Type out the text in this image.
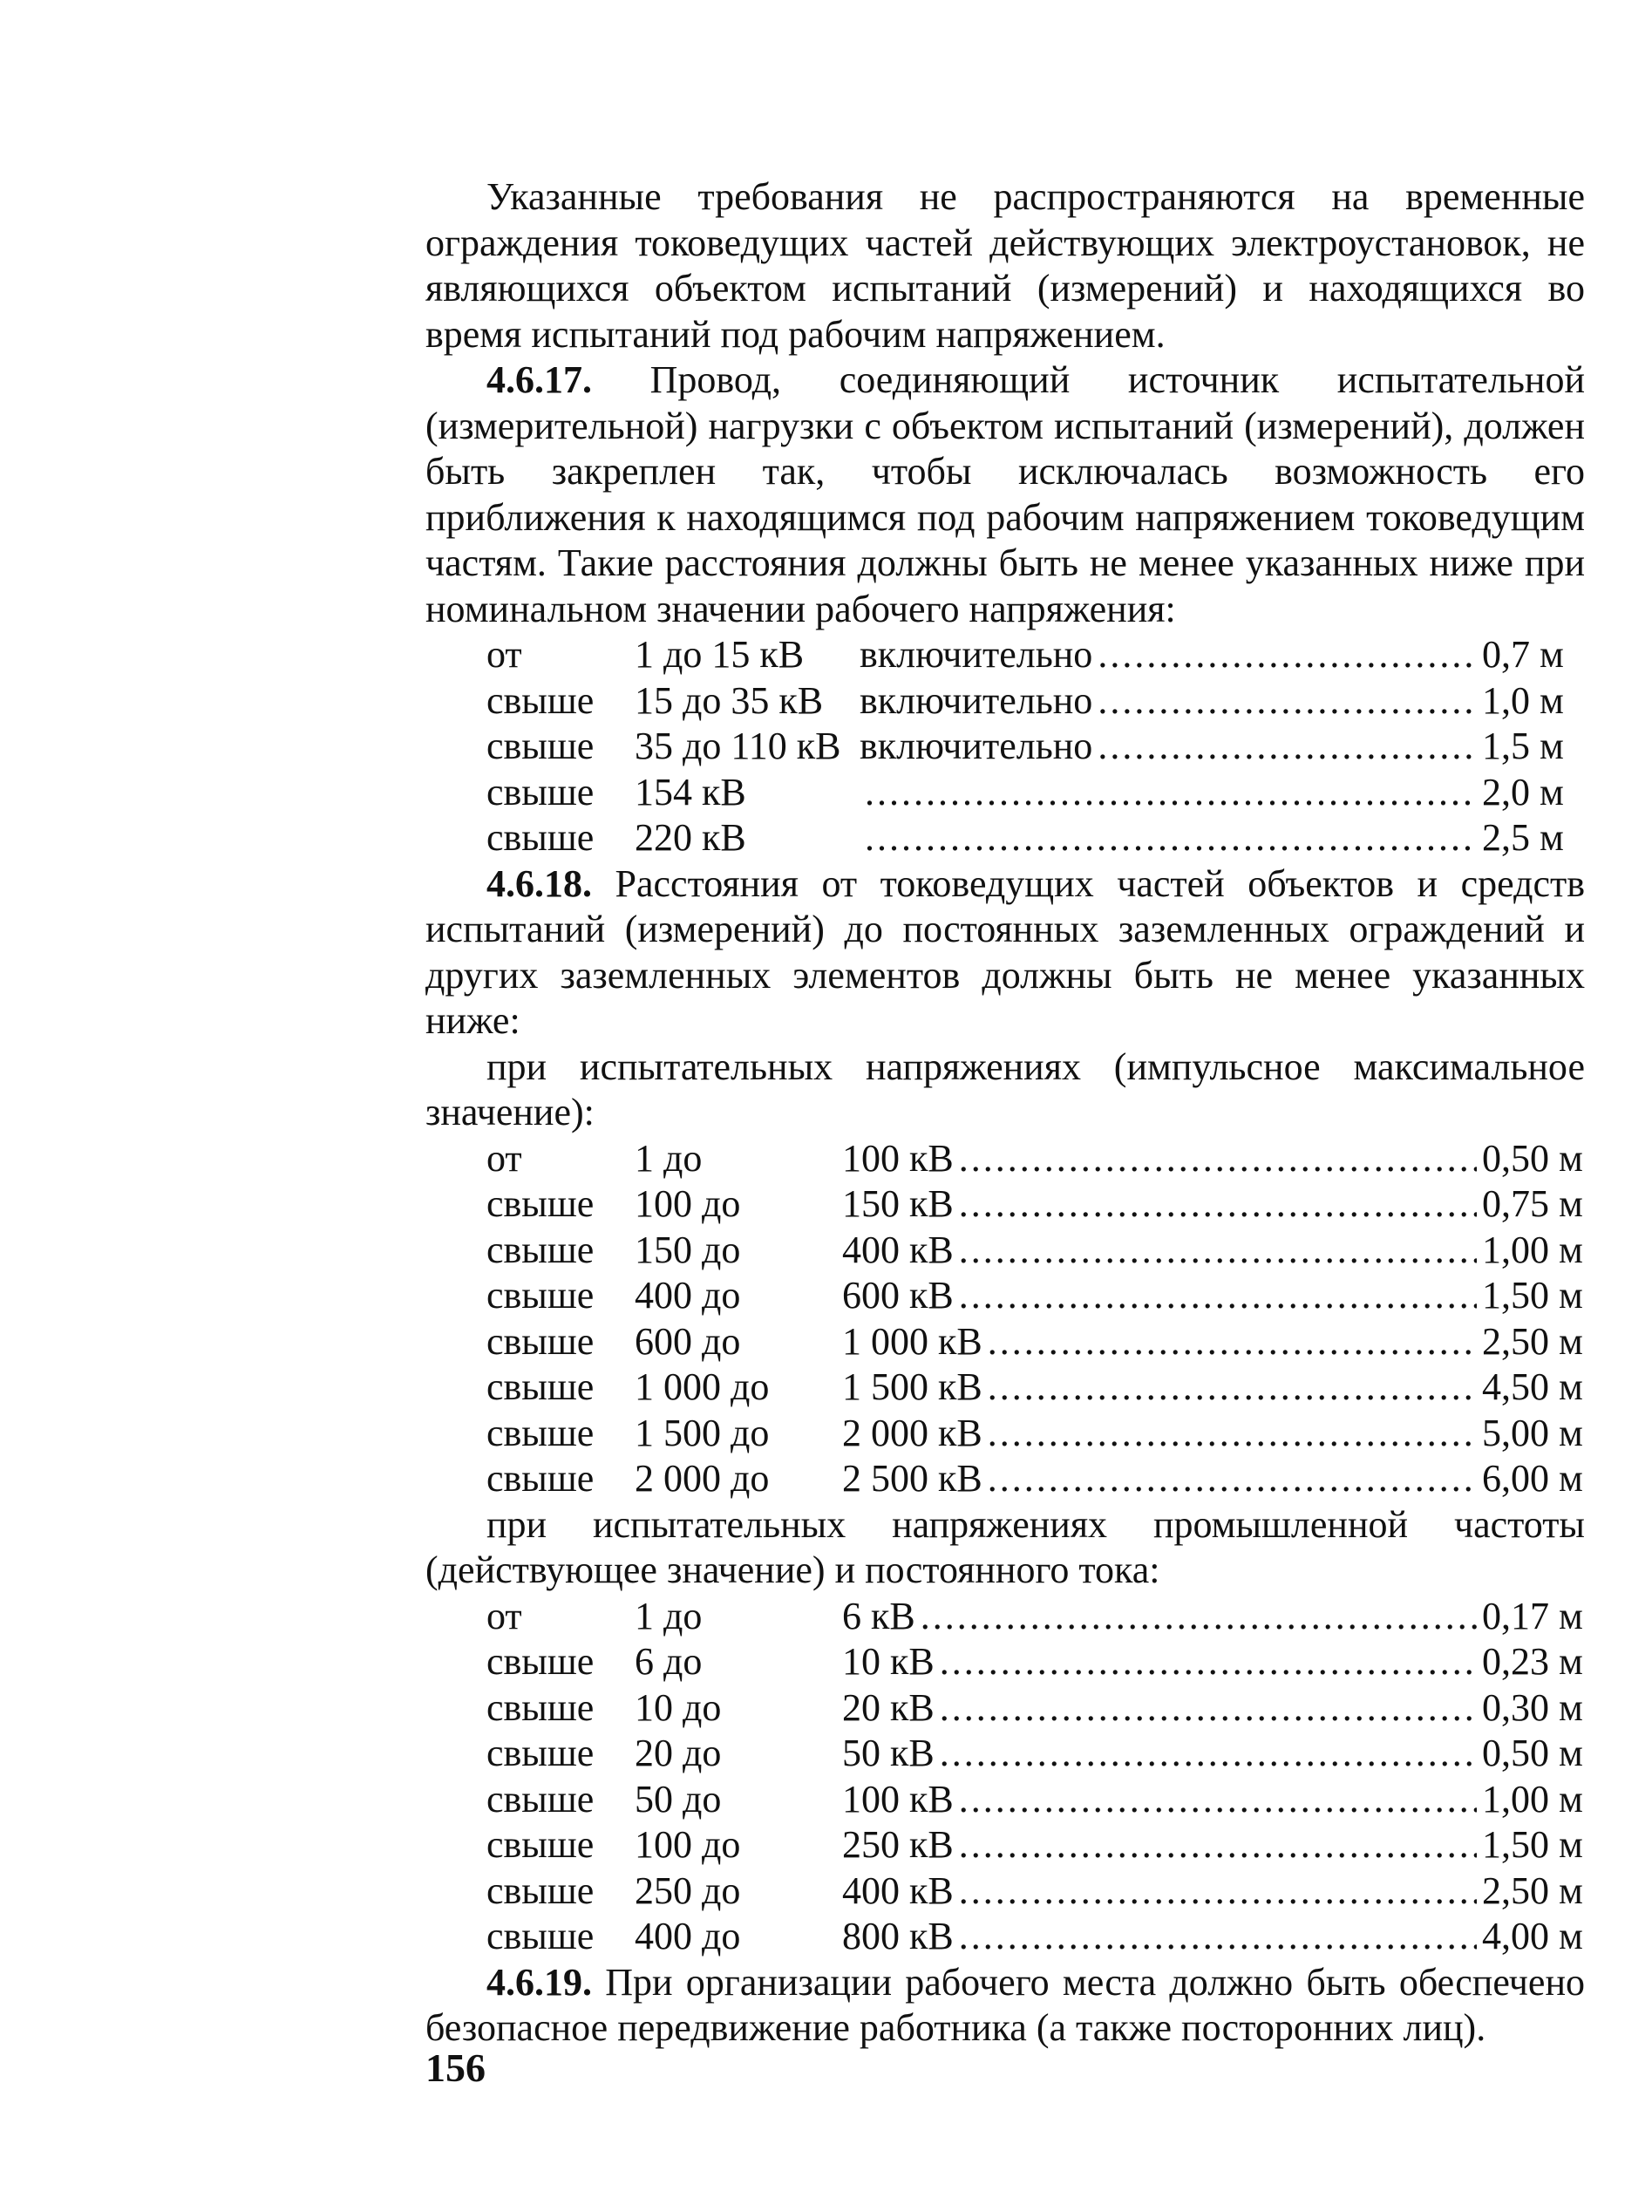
Указанные требования не распространяются на временные ограждения токоведущих частей действующих электроустановок, не являющихся объектом испытаний (измерений) и находящихся во время испытаний под рабочим напряжением.

4.6.17. Провод, соединяющий источник испытательной (измерительной) нагрузки с объектом испытаний (измерений), должен быть закреплен так, чтобы исключалась возможность его приближения к находящимся под рабочим напряжением токоведущим частям. Такие расстояния должны быть не менее указанных ниже при номинальном значении рабочего напряжения:

от	1 до 15 кВ	включительно .....	0,7 м
свыше	15 до 35 кВ включительно .....	1,0 м
свыше	35 до 110 кВ включительно .....	1,5 м
свыше	154 кВ .....	2,0 м
свыше	220 кВ .....	2,5 м

4.6.18. Расстояния от токоведущих частей объектов и средств испытаний (измерений) до постоянных заземленных ограждений и других заземленных элементов должны быть не менее указанных ниже:

при испытательных напряжениях (импульсное максимальное значение):

от	1 до	100 кВ .....	0,50 м
свыше	100 до	150 кВ .....	0,75 м
свыше	150 до	400 кВ .....	1,00 м
свыше	400 до	600 кВ .....	1,50 м
свыше	600 до	1 000 кВ .....	2,50 м
свыше	1 000 до	1 500 кВ .....	4,50 м
свыше	1 500 до	2 000 кВ .....	5,00 м
свыше	2 000 до	2 500 кВ .....	6,00 м

при испытательных напряжениях промышленной частоты (действующее значение) и постоянного тока:

от	1 до	6 кВ .....	0,17 м
свыше	6 до	10 кВ .....	0,23 м
свыше	10 до	20 кВ .....	0,30 м
свыше	20 до	50 кВ .....	0,50 м
свыше	50 до	100 кВ .....	1,00 м
свыше	100 до	250 кВ .....	1,50 м
свыше	250 до	400 кВ .....	2,50 м
свыше	400 до	800 кВ .....	4,00 м

4.6.19. При организации рабочего места должно быть обеспечено безопасное передвижение работника (а также посторонних лиц).

156
